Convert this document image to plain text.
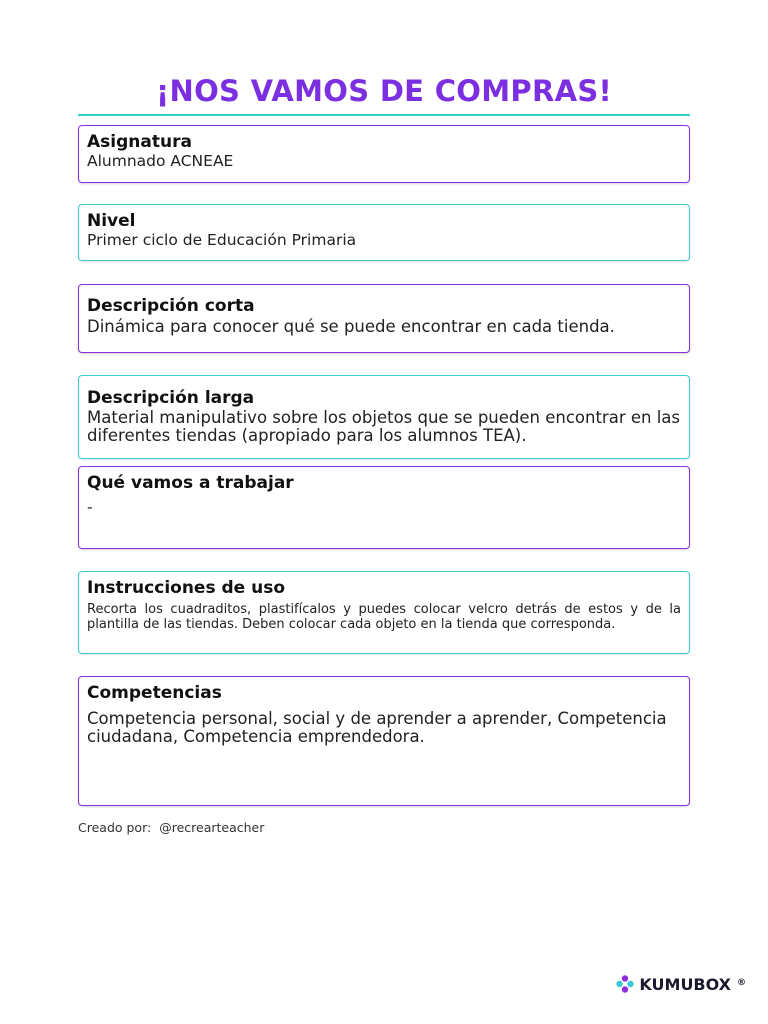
¡NOS VAMOS DE COMPRAS!
Asignatura
Alumnado ACNEAE
Nivel
Primer ciclo de Educación Primaria
Descripción corta
Dinámica para conocer qué se puede encontrar en cada tienda.
Descripción larga
Material manipulativo sobre los objetos que se pueden encontrar en las diferentes tiendas (apropiado para los alumnos TEA).
Qué vamos a trabajar
-
Instrucciones de uso
Recorta los cuadraditos, plastifícalos y puedes colocar velcro detrás de estos y de la plantilla de las tiendas. Deben colocar cada objeto en la tienda que corresponda.
Competencias
Competencia personal, social y de aprender a aprender, Competencia ciudadana, Competencia emprendedora.
Creado por: @recrearteacher
KUMUBOX ®
